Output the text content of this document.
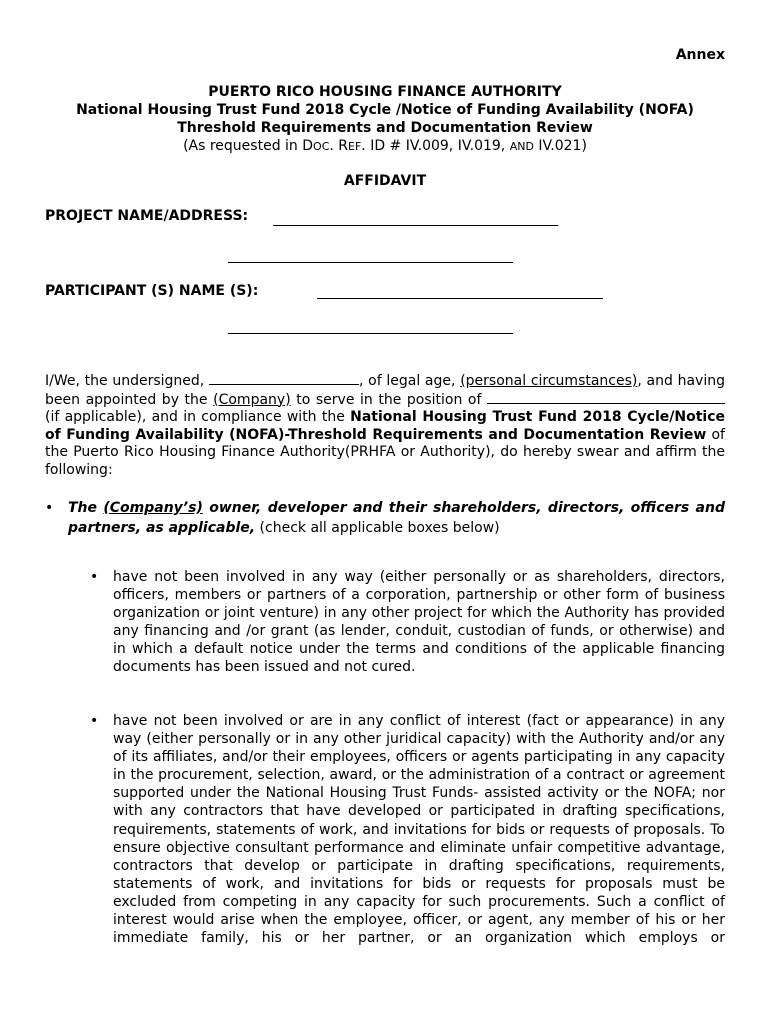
Annex
PUERTO RICO HOUSING FINANCE AUTHORITY
National Housing Trust Fund 2018 Cycle /Notice of Funding Availability (NOFA)
Threshold Requirements and Documentation Review
(As requested in DOC. REF. ID # IV.009, IV.019, AND IV.021)
AFFIDAVIT
PROJECT NAME/ADDRESS:
PARTICIPANT (S) NAME (S):
I/We, the undersigned,	, of legal age, (personal circumstances), and having been appointed by the (Company) to serve in the position of  (if applicable), and in compliance with the National Housing Trust Fund 2018 Cycle/Notice of Funding Availability (NOFA)-Threshold Requirements and Documentation Review of the Puerto Rico Housing Finance Authority(PRHFA or Authority), do hereby swear and affirm the following:
• The (Company’s) owner, developer and their shareholders, directors, officers and partners, as applicable, (check all applicable boxes below)
• have not been involved in any way (either personally or as shareholders, directors, officers, members or partners of a corporation, partnership or other form of business organization or joint venture) in any other project for which the Authority has provided any financing and /or grant (as lender, conduit, custodian of funds, or otherwise) and in which a default notice under the terms and conditions of the applicable financing documents has been issued and not cured.
• have not been involved or are in any conflict of interest (fact or appearance) in any way (either personally or in any other juridical capacity) with the Authority and/or any of its affiliates, and/or their employees, officers or agents participating in any capacity in the procurement, selection, award, or the administration of a contract or agreement supported under the National Housing Trust Funds- assisted activity or the NOFA; nor with any contractors that have developed or participated in drafting specifications, requirements, statements of work, and invitations for bids or requests of proposals. To ensure objective consultant performance and eliminate unfair competitive advantage, contractors that develop or participate in drafting specifications, requirements, statements of work, and invitations for bids or requests for proposals must be excluded from competing in any capacity for such procurements. Such a conflict of interest would arise when the employee, officer, or agent, any member of his or her immediate family, his or her partner, or an organization which employs or
